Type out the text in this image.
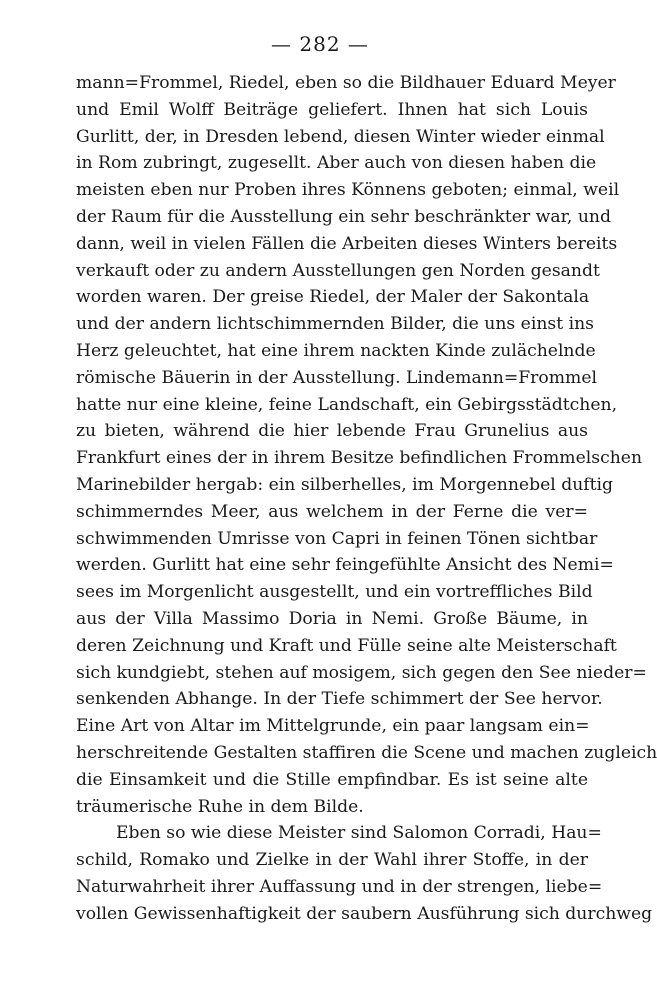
— 282 —
mann=Frommel, Riedel, eben so die Bildhauer Eduard Meyer
und Emil Wolff Beiträge geliefert. Ihnen hat sich Louis
Gurlitt, der, in Dresden lebend, diesen Winter wieder einmal
in Rom zubringt, zugesellt. Aber auch von diesen haben die
meisten eben nur Proben ihres Könnens geboten; einmal, weil
der Raum für die Ausstellung ein sehr beschränkter war, und
dann, weil in vielen Fällen die Arbeiten dieses Winters bereits
verkauft oder zu andern Ausstellungen gen Norden gesandt
worden waren. Der greise Riedel, der Maler der Sakontala
und der andern lichtschimmernden Bilder, die uns einst ins
Herz geleuchtet, hat eine ihrem nackten Kinde zulächelnde
römische Bäuerin in der Ausstellung. Lindemann=Frommel
hatte nur eine kleine, feine Landschaft, ein Gebirgsstädtchen,
zu bieten, während die hier lebende Frau Grunelius aus
Frankfurt eines der in ihrem Besitze befindlichen Frommelschen
Marinebilder hergab: ein silberhelles, im Morgennebel duftig
schimmerndes Meer, aus welchem in der Ferne die ver=
schwimmenden Umrisse von Capri in feinen Tönen sichtbar
werden. Gurlitt hat eine sehr feingefühlte Ansicht des Nemi=
sees im Morgenlicht ausgestellt, und ein vortreffliches Bild
aus der Villa Massimo Doria in Nemi. Große Bäume, in
deren Zeichnung und Kraft und Fülle seine alte Meisterschaft
sich kundgiebt, stehen auf mosigem, sich gegen den See nieder=
senkenden Abhange. In der Tiefe schimmert der See hervor.
Eine Art von Altar im Mittelgrunde, ein paar langsam ein=
herschreitende Gestalten staffiren die Scene und machen zugleich
die Einsamkeit und die Stille empfindbar. Es ist seine alte
träumerische Ruhe in dem Bilde.
Eben so wie diese Meister sind Salomon Corradi, Hau=
schild, Romako und Zielke in der Wahl ihrer Stoffe, in der
Naturwahrheit ihrer Auffassung und in der strengen, liebe=
vollen Gewissenhaftigkeit der saubern Ausführung sich durchweg
